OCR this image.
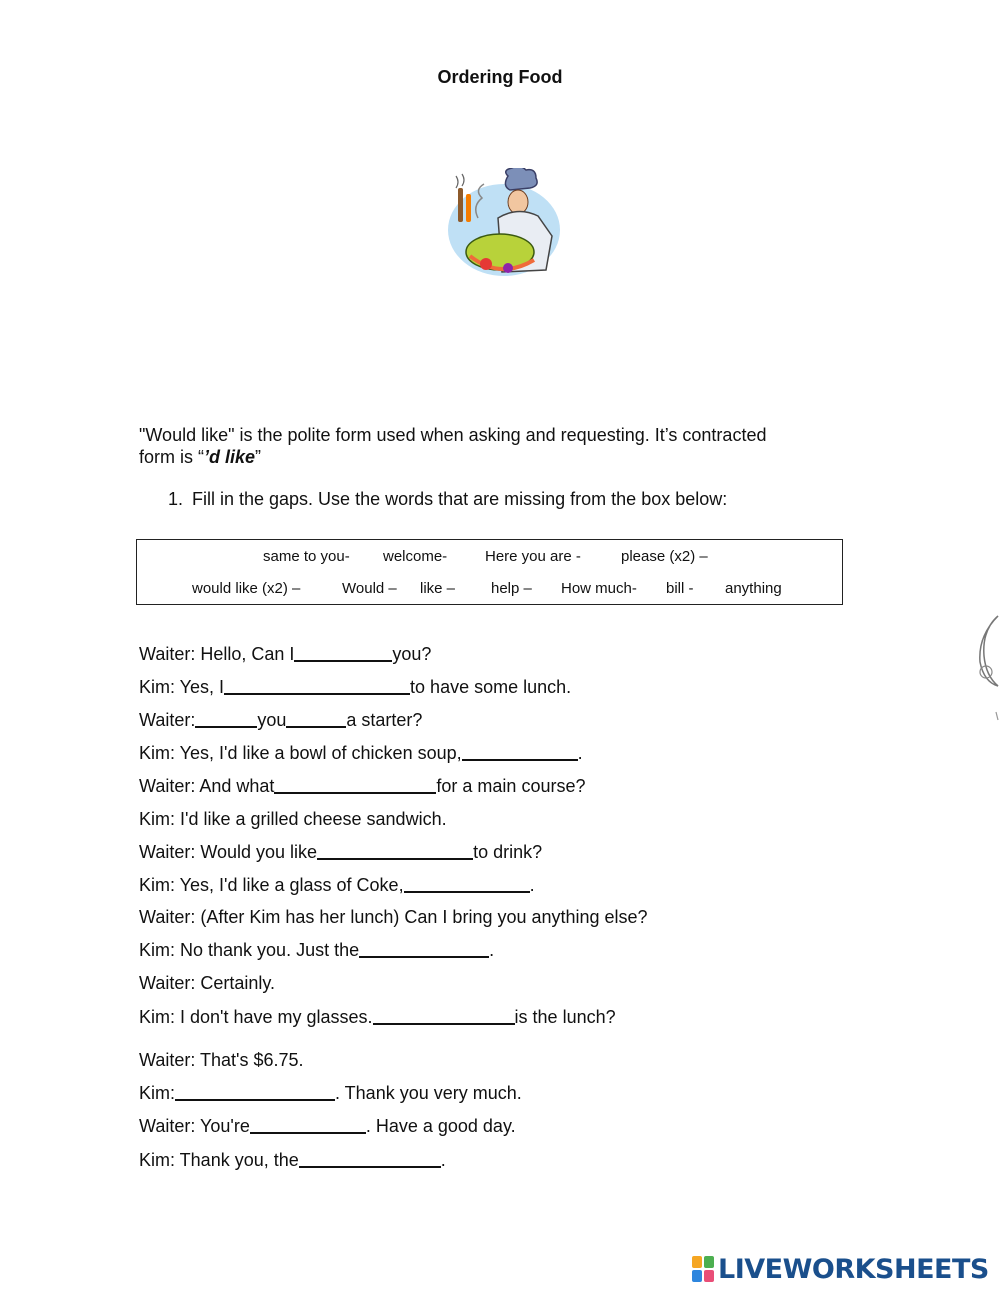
Ordering Food
"Would like" is the polite form used when asking and requesting. It’s contracted
form is “’d like”
1. Fill in the gaps. Use the words that are missing from the box below:
same to you- welcome-	Here you are -	please (x2) –
would like (x2) –	Would – like – help – How much- bill - anything
Waiter: Hello, Can I	you?
Kim: Yes, I	to have some lunch.
Waiter:	you	a starter?
Kim: Yes, I'd like a bowl of chicken soup,	.
Waiter: And what	for a main course?
Kim: I'd like a grilled cheese sandwich.
Waiter: Would you like	to drink?
Kim: Yes, I'd like a glass of Coke,	.
Waiter: (After Kim has her lunch) Can I bring you anything else?
Kim: No thank you. Just the	.
Waiter: Certainly.
Kim: I don't have my glasses.	is the lunch?
Waiter: That's $6.75.
Kim:	. Thank you very much.
Waiter: You're	. Have a good day.
Kim: Thank you, the	.
LIVEWORKSHEETS
